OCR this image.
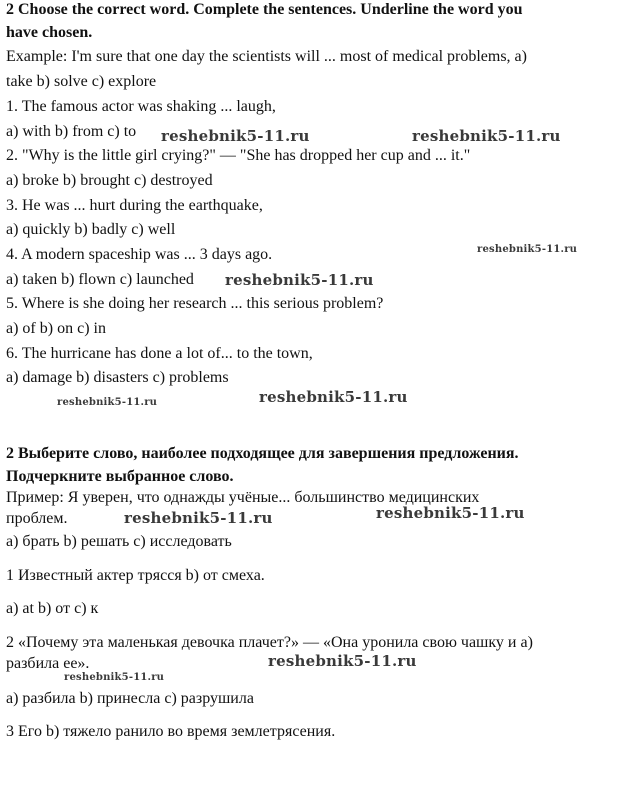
2 Choose the correct word. Complete the sentences. Underline the word you
have chosen.
Example: I'm sure that one day the scientists will ... most of medical problems, a)
take b) solve c) explore
1. The famous actor was shaking ... laugh,
a) with b) from c) to
2. "Why is the little girl crying?" — "She has dropped her cup and ... it."
a) broke b) brought c) destroyed
3. He was ... hurt during the earthquake,
a) quickly b) badly c) well
4. A modern spaceship was ... 3 days ago.
a) taken b) flown c) launched
5. Where is she doing her research ... this serious problem?
a) of b) on c) in
6. The hurricane has done a lot of... to the town,
a) damage b) disasters c) problems
2 Выберите слово, наиболее подходящее для завершения предложения.
Подчеркните выбранное слово.
Пример: Я уверен, что однажды учёные... большинство медицинских
проблем.
а) брать b) решать с) исследовать
1 Известный актер трясся b) от смеха.
а) at b) от с) к
2 «Почему эта маленькая девочка плачет?» — «Она уронила свою чашку и а)
разбила ее».
а) разбила b) принесла с) разрушила
3 Его b) тяжело ранило во время землетрясения.
reshebnik5-11.ru	reshebnik5-11.ru
reshebnik5-11.ru
reshebnik5-11.ru
reshebnik5-11.ru	reshebnik5-11.ru
reshebnik5-11.ru	reshebnik5-11.ru
reshebnik5-11.ru
reshebnik5-11.ru
